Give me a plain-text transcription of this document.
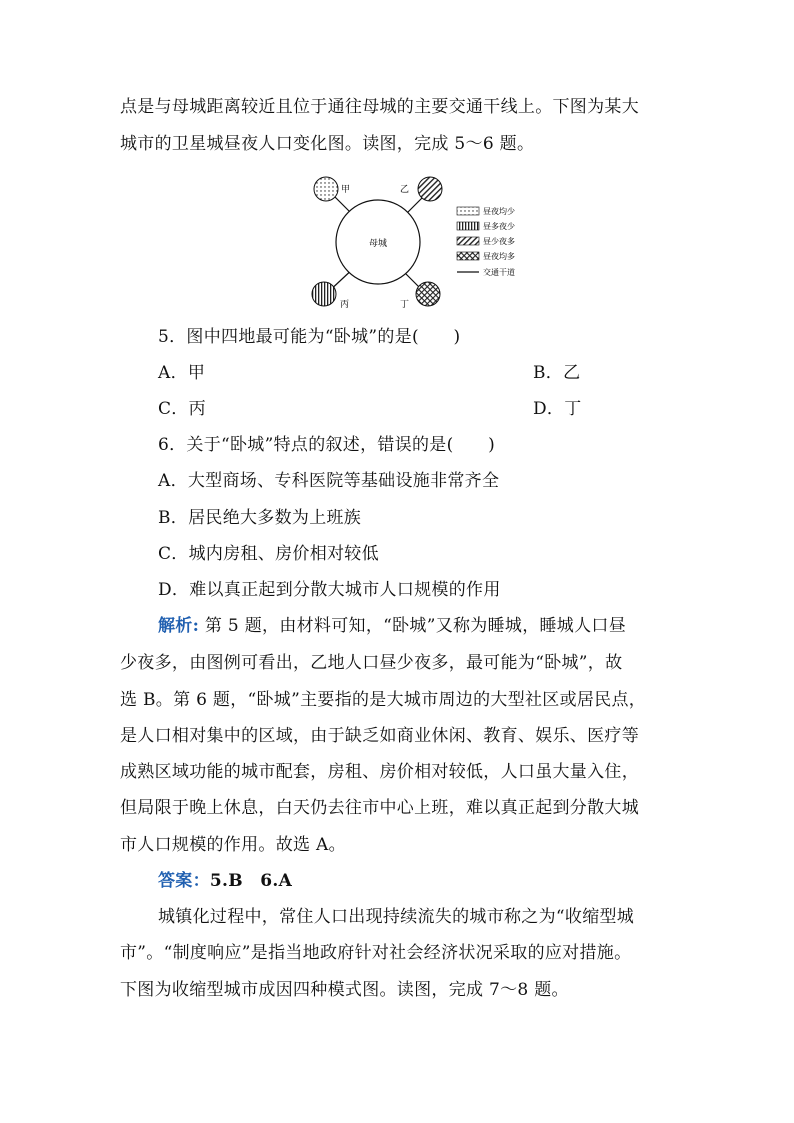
点是与母城距离较近且位于通往母城的主要交通干线上。下图为某大
城市的卫星城昼夜人口变化图。读图，完成 5～6 题。
母城
甲	乙
丙	丁
昼夜均少
昼多夜少
昼少夜多
昼夜均多
交通干道
5．图中四地最可能为“卧城”的是(　　)
A．甲	B．乙
C．丙	D．丁
6．关于“卧城”特点的叙述，错误的是(　　)
A．大型商场、专科医院等基础设施非常齐全
B．居民绝大多数为上班族
C．城内房租、房价相对较低
D．难以真正起到分散大城市人口规模的作用
解析: 第 5 题，由材料可知，“卧城”又称为睡城，睡城人口昼
少夜多，由图例可看出，乙地人口昼少夜多，最可能为“卧城”，故
选 B。第 6 题，“卧城”主要指的是大城市周边的大型社区或居民点，
是人口相对集中的区域，由于缺乏如商业休闲、教育、娱乐、医疗等
成熟区域功能的城市配套，房租、房价相对较低，人口虽大量入住，
但局限于晚上休息，白天仍去往市中心上班，难以真正起到分散大城
市人口规模的作用。故选 A。
答案：5.B　6.A
城镇化过程中，常住人口出现持续流失的城市称之为“收缩型城
市”。“制度响应”是指当地政府针对社会经济状况采取的应对措施。
下图为收缩型城市成因四种模式图。读图，完成 7～8 题。
